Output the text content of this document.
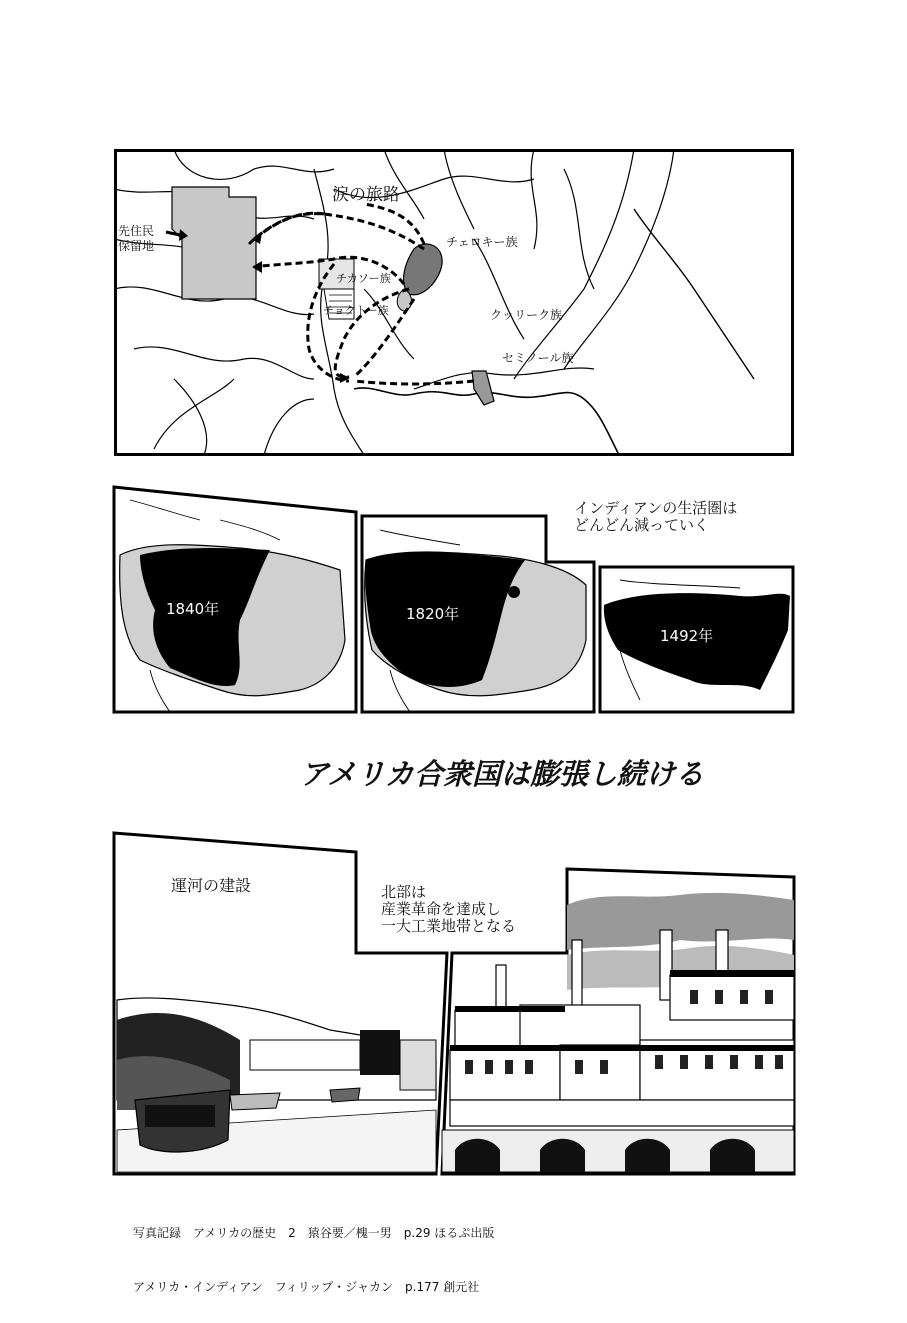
涙の旅路
先住民
保留地	チェロキー族
チカソー族
チョクトー族	クッリーク族
セミノール族
インディアンの生活圏は
どんどん減っていく
1840年	1820年
1492年
アメリカ合衆国は膨張し続ける
運河の建設	北部は
産業革命を達成し
一大工業地帯となる

写真記録　アメリカの歴史　2　猿谷要／槐一男　p.29 ほるぷ出版

アメリカ・インディアン　フィリップ・ジャカン　p.177 創元社
